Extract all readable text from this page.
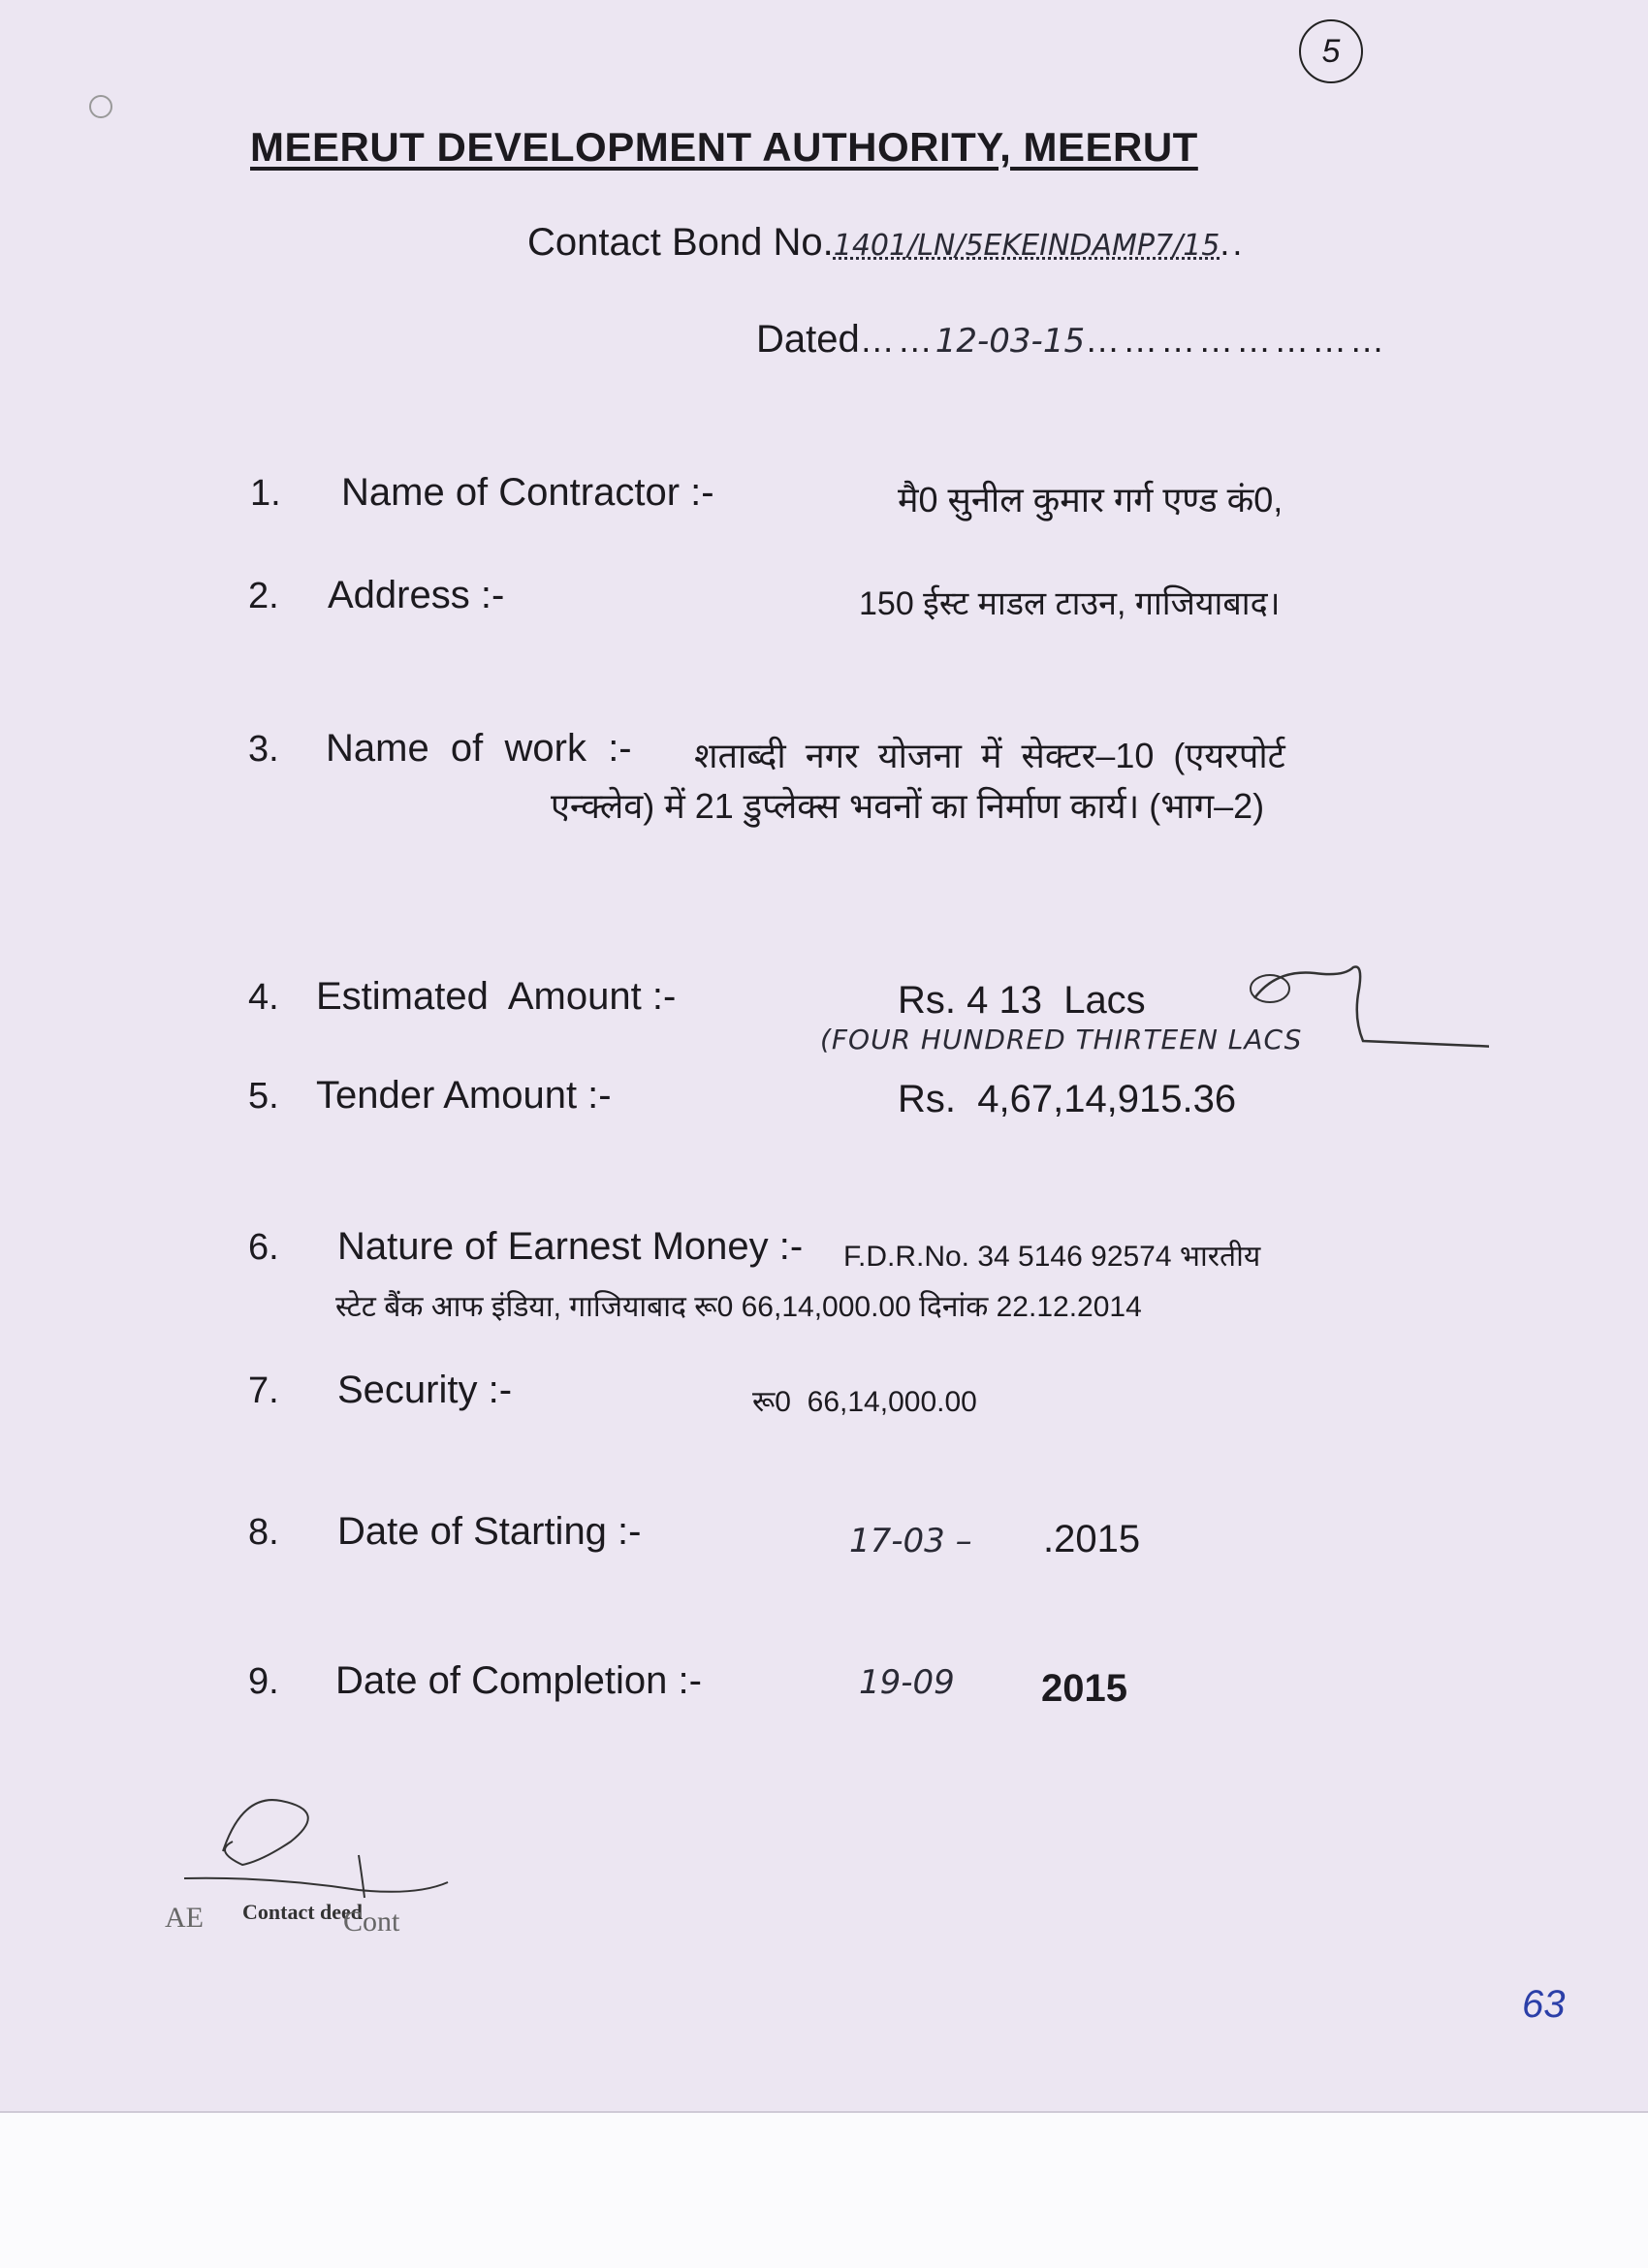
5
MEERUT DEVELOPMENT AUTHORITY, MEERUT
Contact Bond No.1401/LN/5EKEINDAMP7/15..
Dated……12-03-15……………………
1. Name of Contractor :-	मै0 सुनील कुमार गर्ग एण्ड कं0,
2. Address :-	150 ईस्ट माडल टाउन, गाजियाबाद।
3. Name  of  work  :- शताब्दी  नगर  योजना  में  सेक्टर–10  (एयरपोर्ट
एन्क्लेव) में 21 डुप्लेक्स भवनों का निर्माण कार्य। (भाग–2)
4. Estimated  Amount :-	Rs. 4 13  Lacs
(FOUR HUNDRED THIRTEEN LACS
5. Tender Amount :-	Rs.  4,67,14,915.36
6. Nature of Earnest Money :- F.D.R.No. 34 5146 92574 भारतीय
स्टेट बैंक आफ इंडिया, गाजियाबाद रू0 66,14,000.00 दिनांक 22.12.2014
7. Security :-	रू0  66,14,000.00
8. Date of Starting :-	17-03 – .2015
9. Date of Completion :-	19-09 2015
AE Contact deed
Cont
63
